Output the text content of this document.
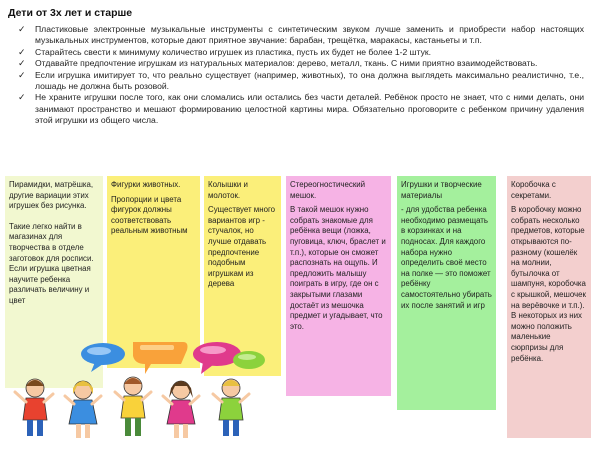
Дети от 3х лет и старше
✓ Пластиковые электронные музыкальные инструменты с синтетическим звуком лучше заменить и приобрести набор настоящих музыкальных инструментов, которые дают приятное звучание: барабан, трещётка, маракасы, кастаньеты и т.п.
✓ Старайтесь свести к минимуму количество игрушек из пластика, пусть их будет не более 1-2 штук.
✓ Отдавайте предпочтение игрушкам из натуральных материалов: дерево, металл, ткань. С ними приятно взаимодействовать.
✓ Если игрушка имитирует то, что реально существует (например, животных), то она должна выглядеть максимально реалистично, т.е., лошадь не должна быть розовой.
✓ Не храните игрушки после того, как они сломались или остались без части деталей. Ребёнок просто не знает, что с ними делать, они занимают пространство и мешают формированию целостной картины мира. Обязательно проговорите с ребенком причину удаления этой игрушки из общего числа.

Пирамидки, матрёшка, другие вариации этих игрушек без рисунка.

Такие легко найти в магазинах для творчества в отделе заготовок для росписи. Если игрушка цветная научите ребенка различать величину и цвет

Фигурки животных.

Пропорции и цвета фигурок должны соответствовать реальным животным

Колышки и молоток.

Существует много вариантов игр - стучалок, но лучше отдавать предпочтение подобным игрушкам из дерева

Стереогностический мешок.

В такой мешок нужно собрать знакомые для ребёнка вещи (ложка, пуговица, ключ, браслет и т.п.), которые он сможет распознать на ощупь. И предложить малышу поиграть в игру, где он с закрытыми глазами достаёт из мешочка предмет и угадывает, что это.

Игрушки и творческие материалы

- для удобства ребенка необходимо размещать в корзинках и на подносах. Для каждого набора нужно определить своё место на полке — это поможет ребёнку самостоятельно убирать их после занятий и игр

Коробочка с секретами.

В коробочку можно собрать несколько предметов, которые открываются по-разному (кошелёк на молнии, бутылочка от шампуня, коробочка с крышкой, мешочек на верёвочке и т.п.). В некоторых из них можно положить маленькие сюрпризы для ребёнка.
